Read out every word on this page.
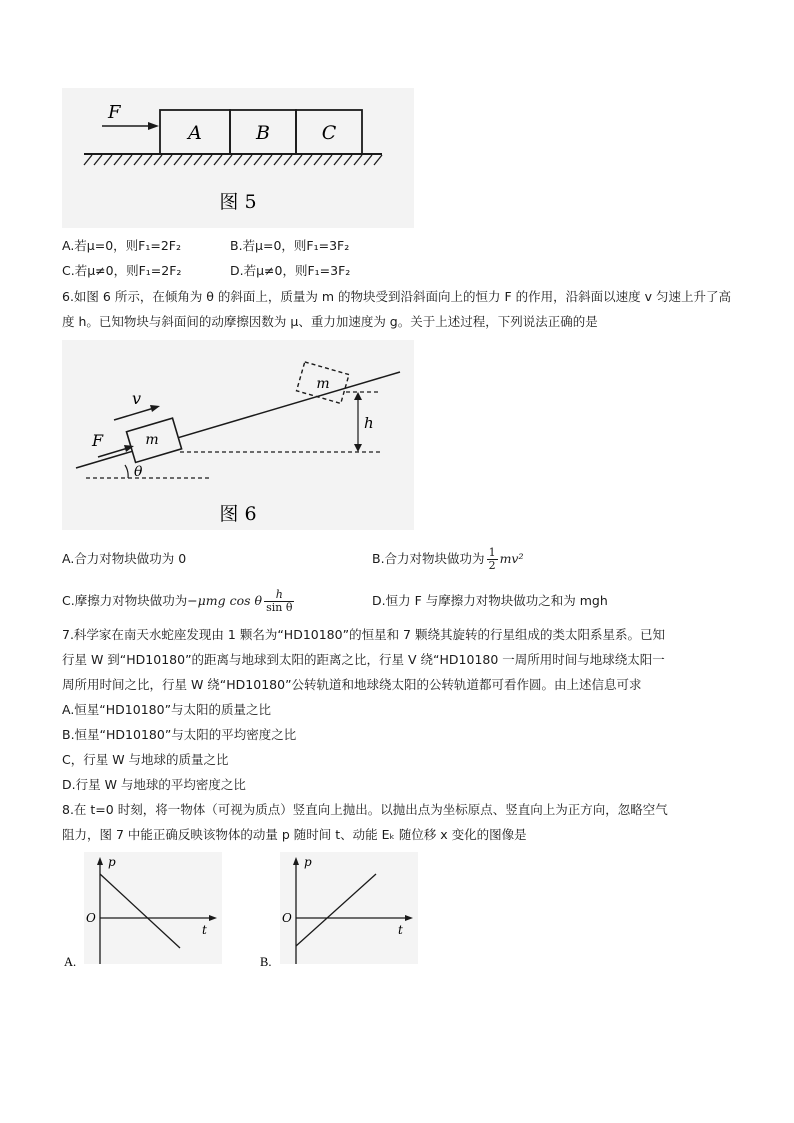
A	B	C
F
图 5
A.若μ=0，则F₁=2F₂	B.若μ=0，则F₁=3F₂
C.若μ≠0，则F₁=2F₂	D.若μ≠0，则F₁=3F₂
6.如图 6 所示，在倾角为 θ 的斜面上，质量为 m 的物块受到沿斜面向上的恒力 F 的作用，沿斜面以速度 v 匀速上升了高度 h。已知物块与斜面间的动摩擦因数为 μ、重力加速度为 g。关于上述过程，下列说法正确的是
h
θ
m
m
F
v
图 6
A.合力对物块做功为 0	B.合力对物块做功为 $\frac{1}{2} mv^2$
C.摩擦力对物块做功为−μmg cos θ $\frac{h}{\text{sin θ}}$	D.恒力 F 与摩擦力对物块做功之和为 mgh
7.科学家在南天水蛇座发现由 1 颗名为“HD10180”的恒星和 7 颗绕其旋转的行星组成的类太阳系星系。已知
行星 W 到“HD10180”的距离与地球到太阳的距离之比，行星 V 绕“HD10180 一周所用时间与地球绕太阳一
周所用时间之比，行星 W 绕“HD10180”公转轨道和地球绕太阳的公转轨道都可看作圆。由上述信息可求
A.恒星“HD10180”与太阳的质量之比
B.恒星“HD10180”与太阳的平均密度之比
C，行星 W 与地球的质量之比
D.行星 W 与地球的平均密度之比
8.在 t=0 时刻，将一物体（可视为质点）竖直向上抛出。以抛出点为坐标原点、竖直向上为正方向，忽略空气
阻力，图 7 中能正确反映该物体的动量 p 随时间 t、动能 Eₖ 随位移 x 变化的图像是
p
t
O
A.
p
t
O
B.
